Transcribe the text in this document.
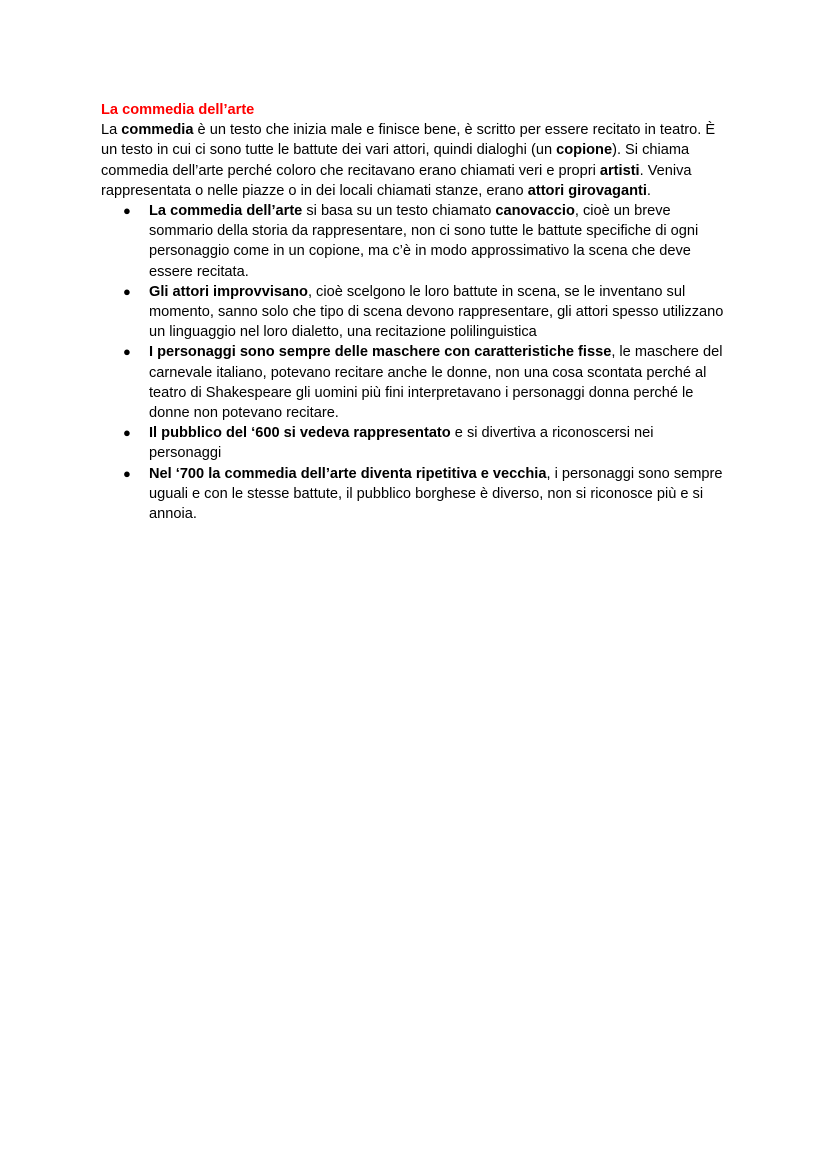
La commedia dell’arte

La commedia è un testo che inizia male e finisce bene, è scritto per essere recitato in teatro. È un testo in cui ci sono tutte le battute dei vari attori, quindi dialoghi (un copione). Si chiama commedia dell’arte perché coloro che recitavano erano chiamati veri e propri artisti. Veniva rappresentata o nelle piazze o in dei locali chiamati stanze, erano attori girovaganti.

● La commedia dell’arte si basa su un testo chiamato canovaccio, cioè un breve sommario della storia da rappresentare, non ci sono tutte le battute specifiche di ogni personaggio come in un copione, ma c’è in modo approssimativo la scena che deve essere recitata.
● Gli attori improvvisano, cioè scelgono le loro battute in scena, se le inventano sul momento, sanno solo che tipo di scena devono rappresentare, gli attori spesso utilizzano un linguaggio nel loro dialetto, una recitazione polilinguistica
● I personaggi sono sempre delle maschere con caratteristiche fisse, le maschere del carnevale italiano, potevano recitare anche le donne, non una cosa scontata perché al teatro di Shakespeare gli uomini più fini interpretavano i personaggi donna perché le donne non potevano recitare.
● Il pubblico del ‘600 si vedeva rappresentato e si divertiva a riconoscersi nei personaggi
● Nel ‘700 la commedia dell’arte diventa ripetitiva e vecchia, i personaggi sono sempre uguali e con le stesse battute, il pubblico borghese è diverso, non si riconosce più e si annoia.
